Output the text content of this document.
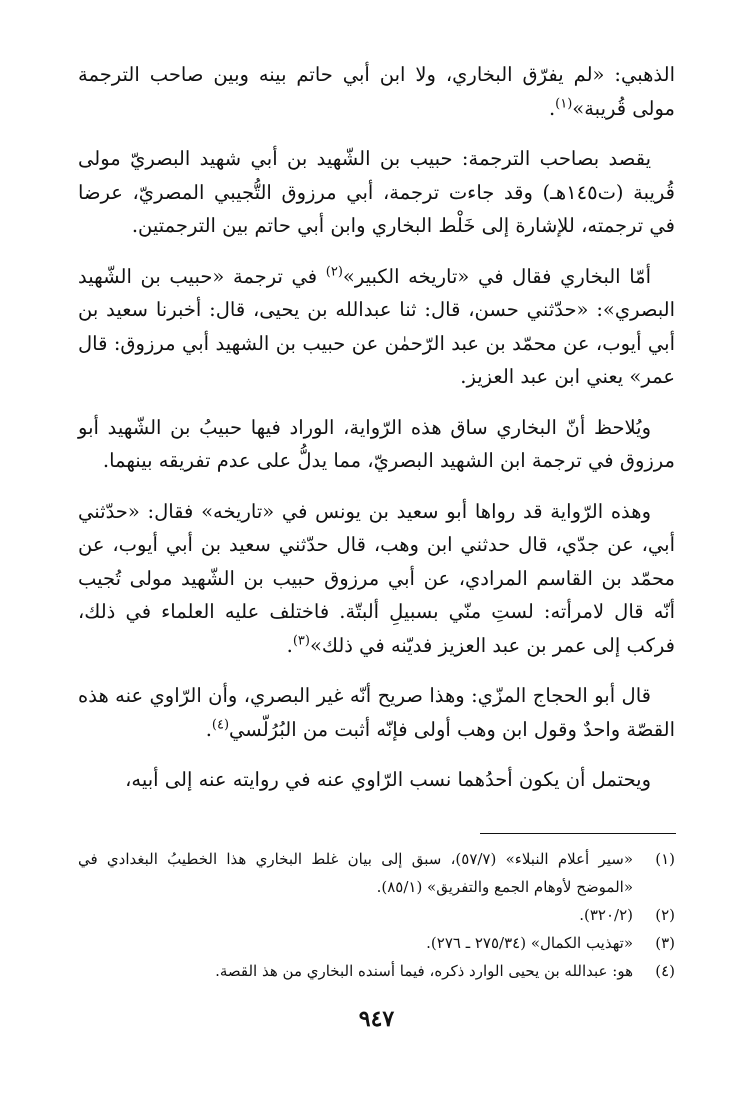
الذهبي: «لم يفرّق البخاري، ولا ابن أبي حاتم بينه وبين صاحب الترجمة مولى قُريبة»$^{(١)}$.

يقصد بصاحب الترجمة: حبيب بن الشّهيد بن أبي شهيد البصريّ مولى قُريبة (ت١٤٥هـ) وقد جاءت ترجمة، أبي مرزوق التُّجيبي المصريّ، عرضا في ترجمته، للإشارة إلى خَلْط البخاري وابن أبي حاتم بين الترجمتين.

أمّا البخاري فقال في «تاريخه الكبير»$^{(٢)}$ في ترجمة «حبيب بن الشّهيد البصري»: «حدّثني حسن، قال: ثنا عبدالله بن يحيى، قال: أخبرنا سعيد بن أبي أيوب، عن محمّد بن عبد الرّحمٰن عن حبيب بن الشهيد أبي مرزوق: قال عمر» يعني ابن عبد العزيز.

ويُلاحظ أنّ البخاري ساق هذه الرّواية، الوراد فيها حبيبُ بن الشّهيد أبو مرزوق في ترجمة ابن الشهيد البصريّ، مما يدلُّ على عدم تفريقه بينهما.

وهذه الرّواية قد رواها أبو سعيد بن يونس في «تاريخه» فقال: «حدّثني أبي، عن جدّي، قال حدثني ابن وهب، قال حدّثني سعيد بن أبي أيوب، عن محمّد بن القاسم المرادي، عن أبي مرزوق حبيب بن الشّهيد مولى تُجيب أنّه قال لامرأته: لستِ منّي بسبيلِ ألبتّة. فاختلف عليه العلماء في ذلك، فركب إلى عمر بن عبد العزيز فديّنه في ذلك»$^{(٣)}$.

قال أبو الحجاج المزّي: وهذا صريح أنّه غير البصري، وأن الرّاوي عنه هذه القصّة واحدٌ وقول ابن وهب أولى فإنّه أثبت من البُرُلّسي$^{(٤)}$.

ويحتمل أن يكون أحدُهما نسب الرّاوي عنه في روايته عنه إلى أبيه،

(١)
«سير أعلام النبلاء» (٥٧/٧)، سبق إلى بيان غلط البخاري هذا الخطيبُ البغدادي في «الموضح لأوهام الجمع والتفريق» (٨٥/١).
(٢)
(٣٢٠/٢).
(٣)
«تهذيب الكمال» (٢٧٥/٣٤ ـ ٢٧٦).
(٤)
هو: عبدالله بن يحيى الوارد ذكره، فيما أسنده البخاري من هذ القصة.
٩٤٧
